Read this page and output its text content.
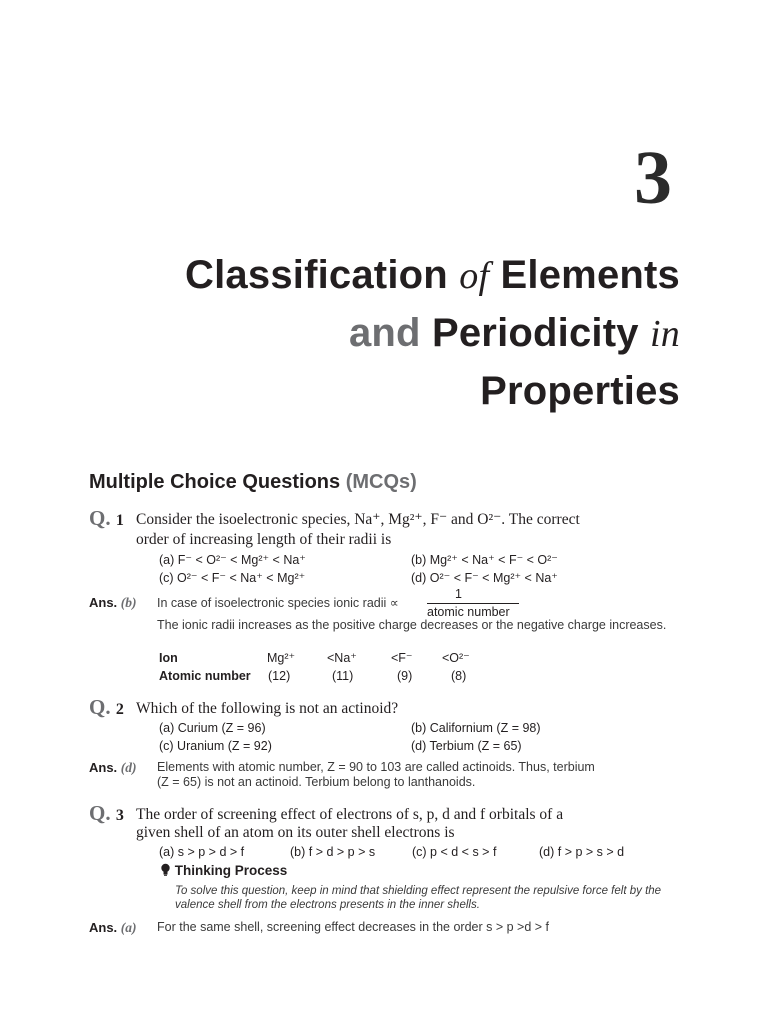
3
Classification of Elements
and Periodicity in
Properties
Multiple Choice Questions (MCQs)
Q. 1 Consider the isoelectronic species, Na⁺, Mg²⁺, F⁻ and O²⁻. The correct
order of increasing length of their radii is
(a) F⁻ < O²⁻ < Mg²⁺ < Na⁺	(b) Mg²⁺ < Na⁺ < F⁻ < O²⁻
(c) O²⁻ < F⁻ < Na⁺ < Mg²⁺	(d) O²⁻ < F⁻ < Mg²⁺ < Na⁺
Ans. (b) In case of isoelectronic species ionic radii ∝
1
atomic number
The ionic radii increases as the positive charge decreases or the negative charge increases.
Ion	Mg²⁺	<Na⁺	<F⁻ <O²⁻
Atomic number (12)	(11)	(9)	(8)
Q. 2 Which of the following is not an actinoid?
(a) Curium (Z = 96)	(b) Californium (Z = 98)
(c) Uranium (Z = 92)	(d) Terbium (Z = 65)
Ans. (d) Elements with atomic number, Z = 90 to 103 are called actinoids. Thus, terbium
(Z = 65) is not an actinoid. Terbium belong to lanthanoids.
Q. 3 The order of screening effect of electrons of s, p, d and f orbitals of a
given shell of an atom on its outer shell electrons is
(a) s > p > d > f	(b) f > d > p > s	(c) p < d < s > f	(d) f > p > s > d
Thinking Process
To solve this question, keep in mind that shielding effect represent the repulsive force felt by the valence shell from the electrons presents in the inner shells.
Ans. (a) For the same shell, screening effect decreases in the order s > p >d > f
